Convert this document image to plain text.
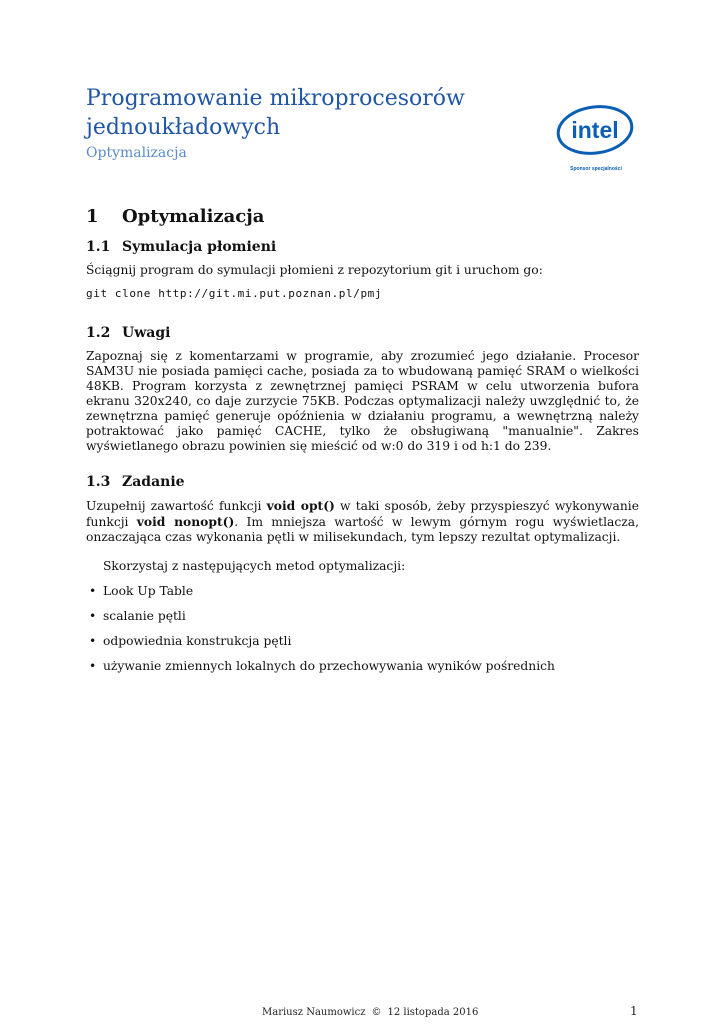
Programowanie mikroprocesorów jednoukładowych
Optymalizacja
intel
Sponsor specjalności
1 Optymalizacja
1.1 Symulacja płomieni

Ściągnij program do symulacji płomieni z repozytorium git i uruchom go:

git clone http://git.mi.put.poznan.pl/pmj
1.2 Uwagi

Zapoznaj się z komentarzami w programie, aby zrozumieć jego działanie. Procesor SAM3U nie posiada pamięci cache, posiada za to wbudowaną pamięć SRAM o wielkości 48KB. Program korzysta z zewnętrznej pamięci PSRAM w celu utworzenia bufora ekranu 320x240, co daje zurzycie 75KB. Podczas optymalizacji należy uwzględnić to, że zewnętrzna pamięć generuje opóźnienia w działaniu programu, a wewnętrzną należy potraktować jako pamięć CACHE, tylko że obsługiwaną "manualnie". Zakres wyświetlanego obrazu powinien się mieścić od w:0 do 319 i od h:1 do 239.

1.3 Zadanie

Uzupełnij zawartość funkcji void opt() w taki sposób, żeby przyspieszyć wykonywanie funkcji void nonopt(). Im mniejsza wartość w lewym górnym rogu wyświetlacza, onzaczająca czas wykonania pętli w milisekundach, tym lepszy rezultat optymalizacji.

Skorzystaj z następujących metod optymalizacji:

• Look Up Table
• scalanie pętli
• odpowiednia konstrukcja pętli
• używanie zmiennych lokalnych do przechowywania wyników pośrednich
Mariusz Naumowicz © 12 listopada 2016	1
